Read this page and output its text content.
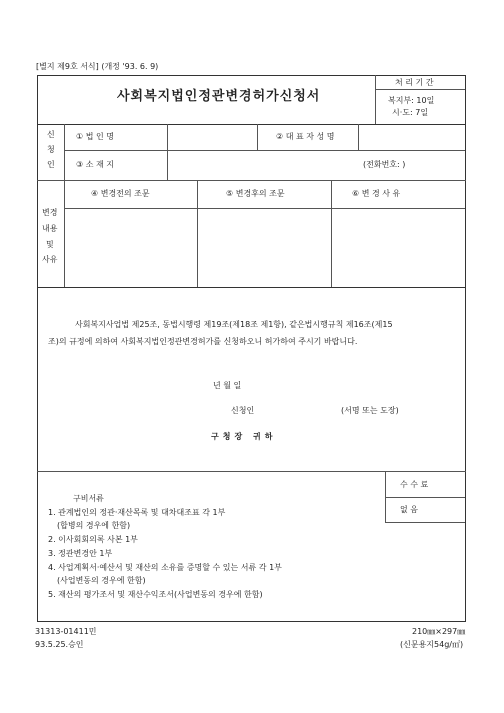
[별지 제9호 서식] (개정 '93. 6. 9)
사회복지법인정관변경허가신청서
처 리 기 간
복지부: 10일
시·도: 7일
신
청
인
① 법 인 명	② 대 표 자 성 명
③ 소 재 지	(전화번호: )
변경
내용
및
사유
④ 변경전의 조문	⑤ 변경후의 조문	⑥ 변 경 사 유
사회복지사업법 제25조, 동법시행령 제19조(제18조 제1항), 같은법시행규칙 제16조(제15
조)의 규정에 의하여 사회복지법인정관변경허가를 신청하오니 허가하여 주시기 바랍니다.
년 월 일
신청인	(서명 또는 도장)
구청장 귀하
구비서류
1. 관계법인의 정관·재산목록 및 대차대조표 각 1부
(합병의 경우에 한함)
2. 이사회회의록 사본 1부
3. 정관변경안 1부
4. 사업계획서·예산서 및 재산의 소유를 증명할 수 있는 서류 각 1부
(사업변동의 경우에 한함)
5. 재산의 평가조서 및 재산수익조서(사업변동의 경우에 한함)
수 수 료
없 음
31313-01411민
93.5.25.승인
210㎜×297㎜
(신문용지54g/㎡)
